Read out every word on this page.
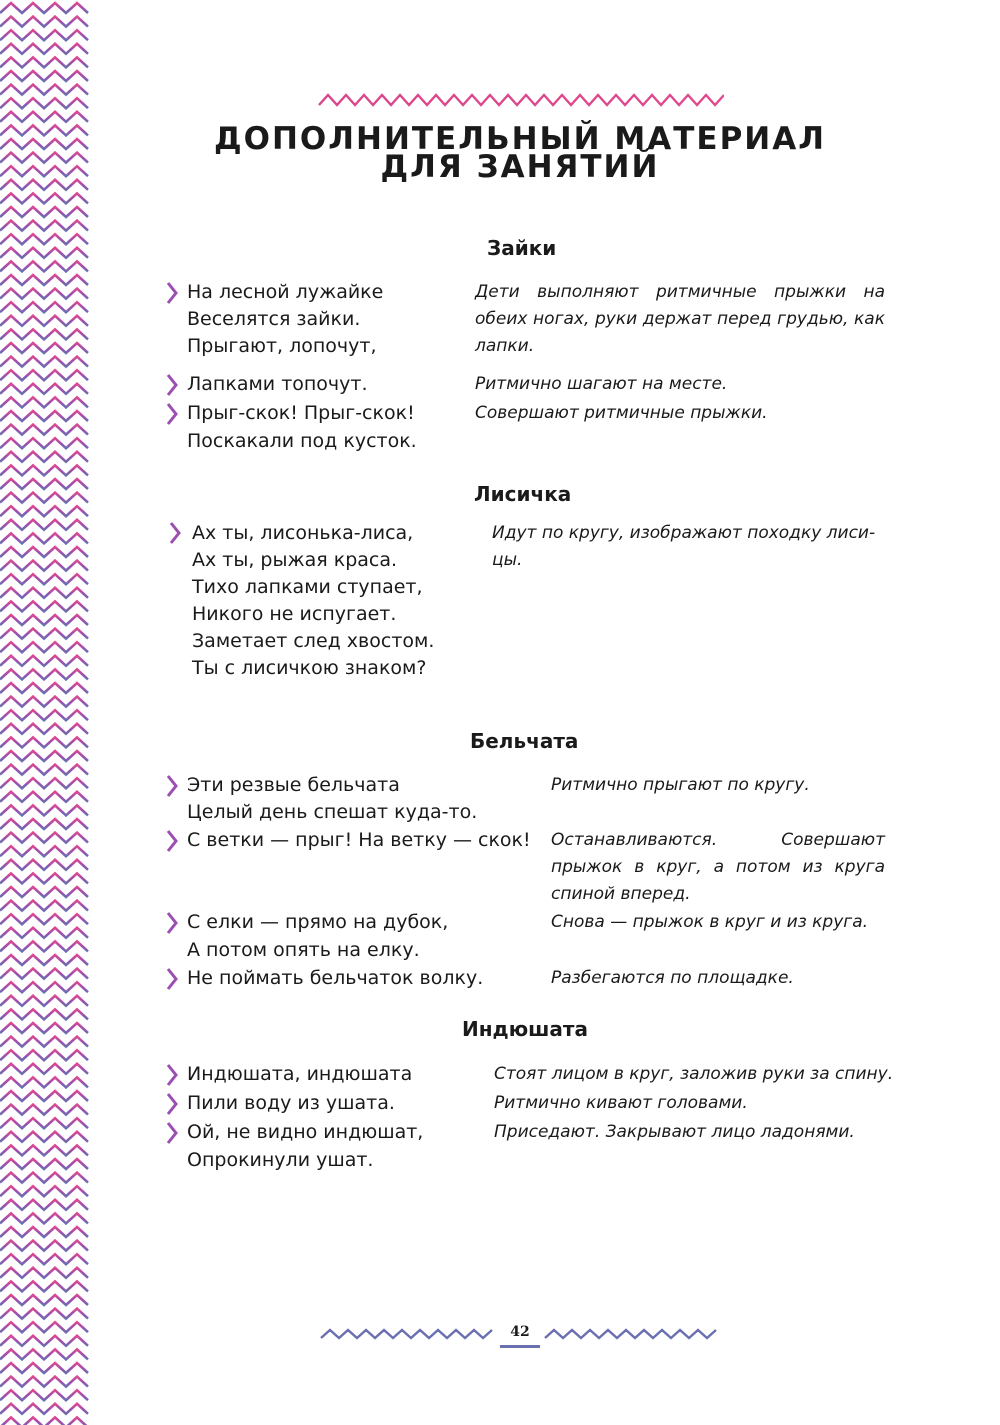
ДОПОЛНИТЕЛЬНЫЙ МАТЕРИАЛ
ДЛЯ ЗАНЯТИЙ
Зайки
На лесной лужайке
Веселятся зайки.
Прыгают, лопочут,
Лапками топочут.
Прыг-скок! Прыг-скок!
Поскакали под кусток.

Дети выполняют ритмичные прыжки на обеих ногах, руки держат перед грудью, как лапки.

Ритмично шагают на месте.

Совершают ритмичные прыжки.

Лисичка
Ах ты, лисонька-лиса,
Ах ты, рыжая краса.
Тихо лапками ступает,
Никого не испугает.
Заметает след хвостом.
Ты с лисичкою знаком?
Идут по кругу, изображают походку лиси-
цы.
Бельчата
Эти резвые бельчата
Целый день спешат куда-то.
С ветки — прыг! На ветку — скок!
С елки — прямо на дубок,
А потом опять на елку.
Не поймать бельчаток волку.

Ритмично прыгают по кругу.

Останавливаются. Совершают прыжок в круг, а потом из круга спиной вперед.

Снова — прыжок в круг и из круга.

Разбегаются по площадке.

Индюшата
Индюшата, индюшата
Пили воду из ушата.
Ой, не видно индюшат,
Опрокинули ушат.
Стоят лицом в круг, заложив руки за спину.
Ритмично кивают головами.
Приседают. Закрывают лицо ладонями.
42
